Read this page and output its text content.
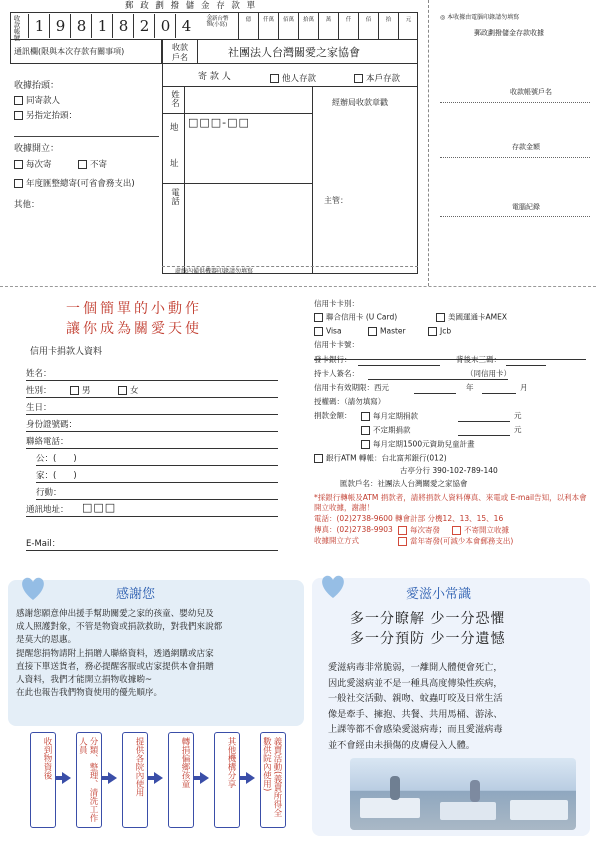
郵 政 劃 撥 儲 金 存 款 單
收款帳號 1 9 8 1 8 2 0 4	金額 新台幣(小寫)
億	仟萬	佰萬	拾萬	萬	仟	佰	拾	元	◎ 本收據由電腦印錄請勿填寫
郵政劃撥儲金存款收據
通訊欄(限與本次存款有關事項)	收款
戶名	社團法人台灣關愛之家協會
寄 款 人	他人存款	本戶存款
姓名
地 □□□-□□
址
電話
經辦局收款章戳
主管：
收據抬頭：
同寄款人
另指定抬頭：
收據開立：
每次寄	不寄
年度匯整總寄(可省會務支出)
其他：
收款帳號戶名
存款金額
電腦紀錄
虛線內備供機器印錄請勿填寫
一個簡單的小動作
讓你成為關愛天使
信用卡捐款人資料
姓名：
性別：	男	女
生日：
身份證號碼：
聯絡電話：
公：(　　)
家：(　　)
行動：
通訊地址：	□□□
E-Mail：
信用卡卡別：
聯合信用卡 (U Card)	美國運通卡AMEX
Visa	Master	Jcb
信用卡卡號：
發卡銀行：	背後末三碼：
持卡人簽名：	（同信用卡）
信用卡有效期限：西元	年	月
授權碼：（請勿填寫）
捐款金額：	每月定期捐款	元
不定期捐款	元
每月定期1500元資助兒童計畫
銀行ATM 轉帳：台北富邦銀行(012)
古亭分行 390-102-789-140
匯款戶名：社團法人台灣關愛之家協會
*採銀行轉帳及ATM 捐款者，請將捐款人資料傳真、來電或 E-mail告知，以利本會開立收據，謝謝！
電話：(02)2738-9600 轉會計部 分機12、13、15、16
傳真：(02)2738-9903	每次寄發	不寄開立收據
收據開立方式	當年寄發(可減少本會郵務支出)
感謝您
感謝您願意伸出援手幫助關愛之家的孩童、嬰幼兒及
成人照護對象，不管是物資或捐款救助，對我們來說都
是莫大的恩惠。
提醒您捐物請附上捐贈人聯絡資料，透過網購或店家
直接下單送貨者，務必提醒客服或店家提供本會捐贈
人資料，我們才能開立捐物收據喲~
在此也報告我們物資使用的優先順序。
收到物資後	分類、整理、清洗工作人員	提供各院內使用	轉捐偏鄉孩童	其他機構分享	義賣活動(義賣所得全數供院內使用)
愛滋小常識
多一分瞭解 少一分恐懼
多一分預防 少一分遺憾
愛滋病毒非常脆弱，一離開人體便會死亡，
因此愛滋病並不是一種具高度傳染性疾病，
一般社交活動、親吻、蚊蟲叮咬及日常生活
像是牽手、擁抱、共餐、共用馬桶、游泳、
上課等都不會感染愛滋病毒；而且愛滋病毒
並不會經由未損傷的皮膚侵入人體。
